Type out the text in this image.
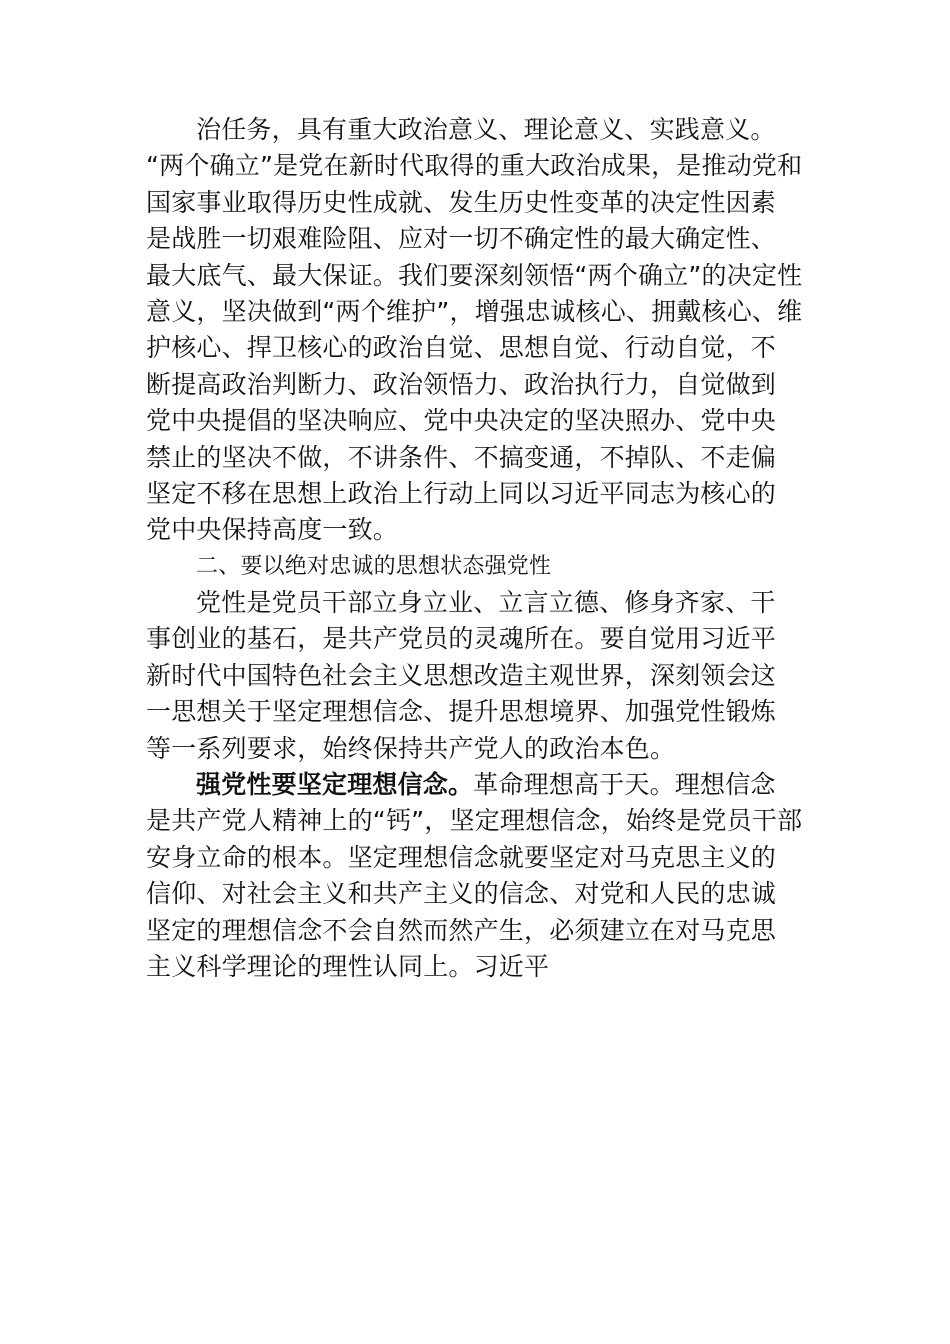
治任务，具有重大政治意义、理论意义、实践意义。
“两个确立”是党在新时代取得的重大政治成果，是推动党和
国家事业取得历史性成就、发生历史性变革的决定性因素
是战胜一切艰难险阻、应对一切不确定性的最大确定性、
最大底气、最大保证。我们要深刻领悟“两个确立”的决定性
意义，坚决做到“两个维护”，增强忠诚核心、拥戴核心、维
护核心、捍卫核心的政治自觉、思想自觉、行动自觉，不
断提高政治判断力、政治领悟力、政治执行力，自觉做到
党中央提倡的坚决响应、党中央决定的坚决照办、党中央
禁止的坚决不做，不讲条件、不搞变通，不掉队、不走偏
坚定不移在思想上政治上行动上同以习近平同志为核心的
党中央保持高度一致。
二、要以绝对忠诚的思想状态强党性
党性是党员干部立身立业、立言立德、修身齐家、干
事创业的基石，是共产党员的灵魂所在。要自觉用习近平
新时代中国特色社会主义思想改造主观世界，深刻领会这
一思想关于坚定理想信念、提升思想境界、加强党性锻炼
等一系列要求，始终保持共产党人的政治本色。
强党性要坚定理想信念。革命理想高于天。理想信念
是共产党人精神上的“钙”，坚定理想信念，始终是党员干部
安身立命的根本。坚定理想信念就要坚定对马克思主义的
信仰、对社会主义和共产主义的信念、对党和人民的忠诚
坚定的理想信念不会自然而然产生，必须建立在对马克思
主义科学理论的理性认同上。习近平
